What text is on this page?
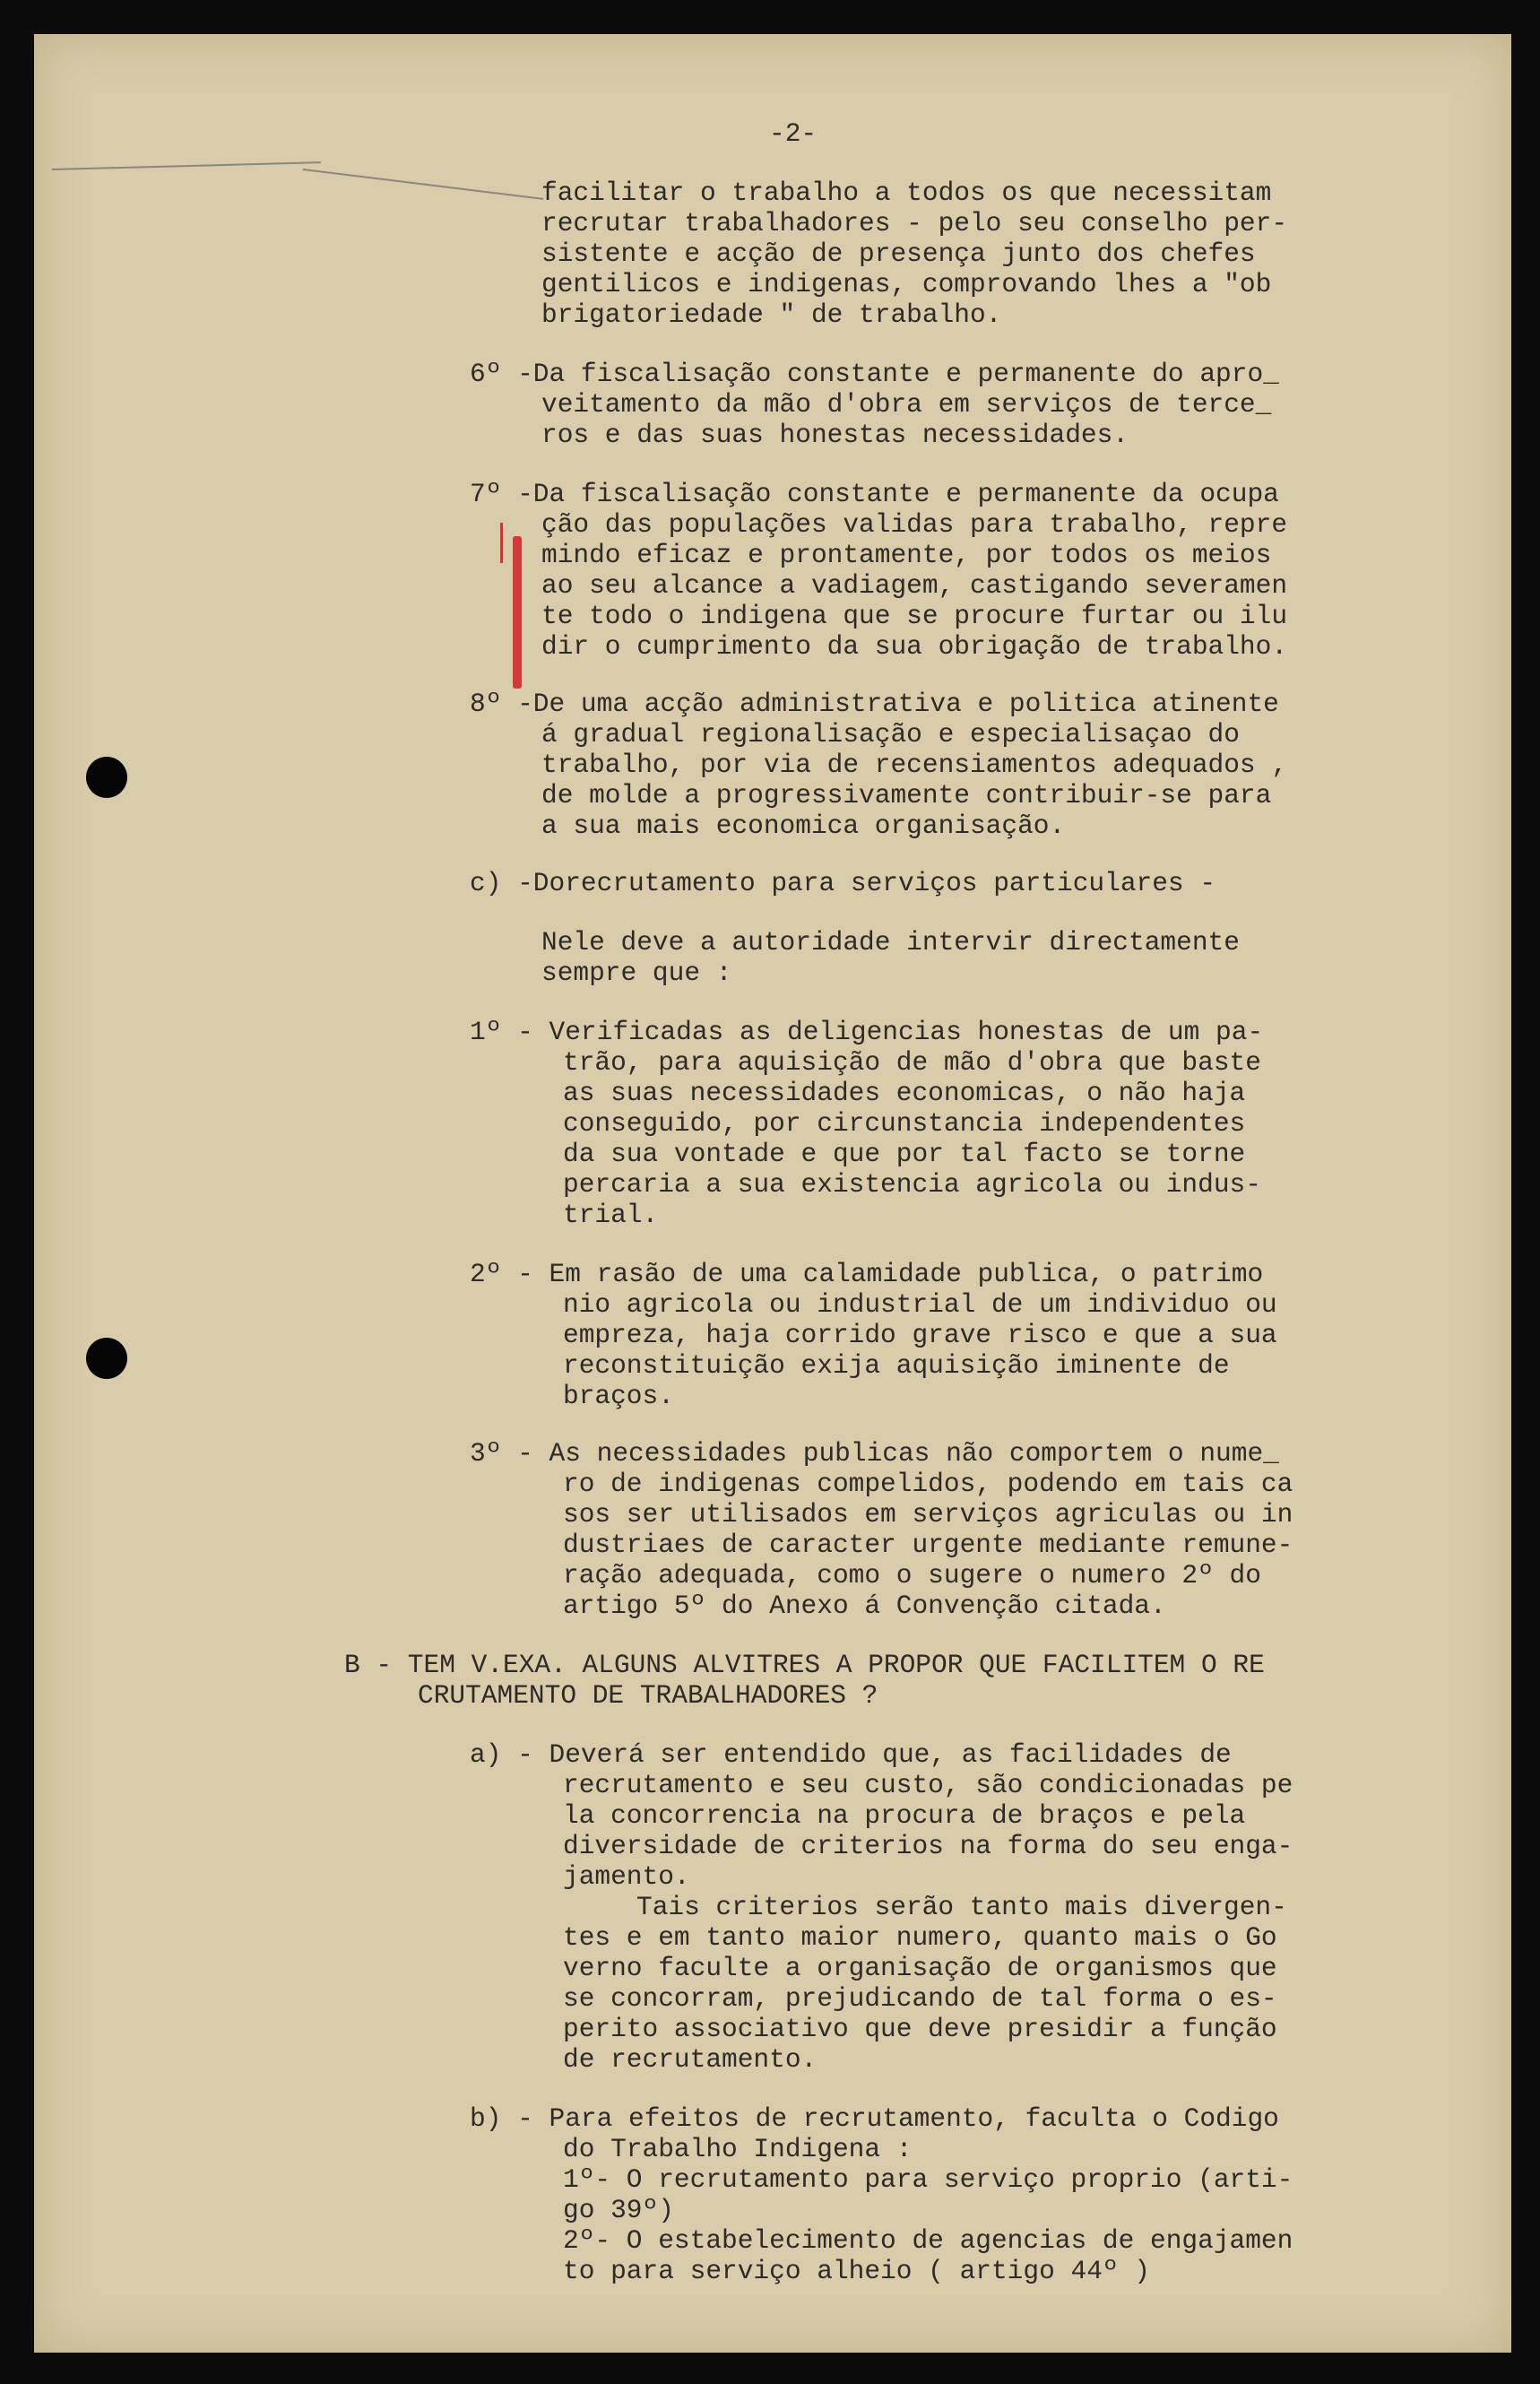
-2-
facilitar o trabalho a todos os que necessitam
recrutar trabalhadores - pelo seu conselho per-
sistente e acção de presença junto dos chefes
gentilicos e indigenas, comprovando lhes a "ob
brigatoriedade " de trabalho.
6º -Da fiscalisação constante e permanente do apro_
veitamento da mão d'obra em serviços de terce_
ros e das suas honestas necessidades.
7º -Da fiscalisação constante e permanente da ocupa
ção das populações validas para trabalho, repre
mindo eficaz e prontamente, por todos os meios
ao seu alcance a vadiagem, castigando severamen
te todo o indigena que se procure furtar ou ilu
dir o cumprimento da sua obrigação de trabalho.
8º -De uma acção administrativa e politica atinente
á gradual regionalisação e especialisaçao do
trabalho, por via de recensiamentos adequados ,
de molde a progressivamente contribuir-se para
a sua mais economica organisação.
c) -Dorecrutamento para serviços particulares -
Nele deve a autoridade intervir directamente
sempre que :
1º - Verificadas as deligencias honestas de um pa-
trão, para aquisição de mão d'obra que baste
as suas necessidades economicas, o não haja
conseguido, por circunstancia independentes
da sua vontade e que por tal facto se torne
percaria a sua existencia agricola ou indus-
trial.
2º - Em rasão de uma calamidade publica, o patrimo
nio agricola ou industrial de um individuo ou
empreza, haja corrido grave risco e que a sua
reconstituição exija aquisição iminente de
braços.
3º - As necessidades publicas não comportem o nume_
ro de indigenas compelidos, podendo em tais ca
sos ser utilisados em serviços agriculas ou in
dustriaes de caracter urgente mediante remune-
ração adequada, como o sugere o numero 2º do
artigo 5º do Anexo á Convenção citada.
B - TEM V.EXA. ALGUNS ALVITRES A PROPOR QUE FACILITEM O RE
CRUTAMENTO DE TRABALHADORES ?
a) - Deverá ser entendido que, as facilidades de
recrutamento e seu custo, são condicionadas pe
la concorrencia na procura de braços e pela
diversidade de criterios na forma do seu enga-
jamento.
Tais criterios serão tanto mais divergen-
tes e em tanto maior numero, quanto mais o Go
verno faculte a organisação de organismos que
se concorram, prejudicando de tal forma o es-
perito associativo que deve presidir a função
de recrutamento.
b) - Para efeitos de recrutamento, faculta o Codigo
do Trabalho Indigena :
1º- O recrutamento para serviço proprio (arti-
go 39º)
2º- O estabelecimento de agencias de engajamen
to para serviço alheio ( artigo 44º )
